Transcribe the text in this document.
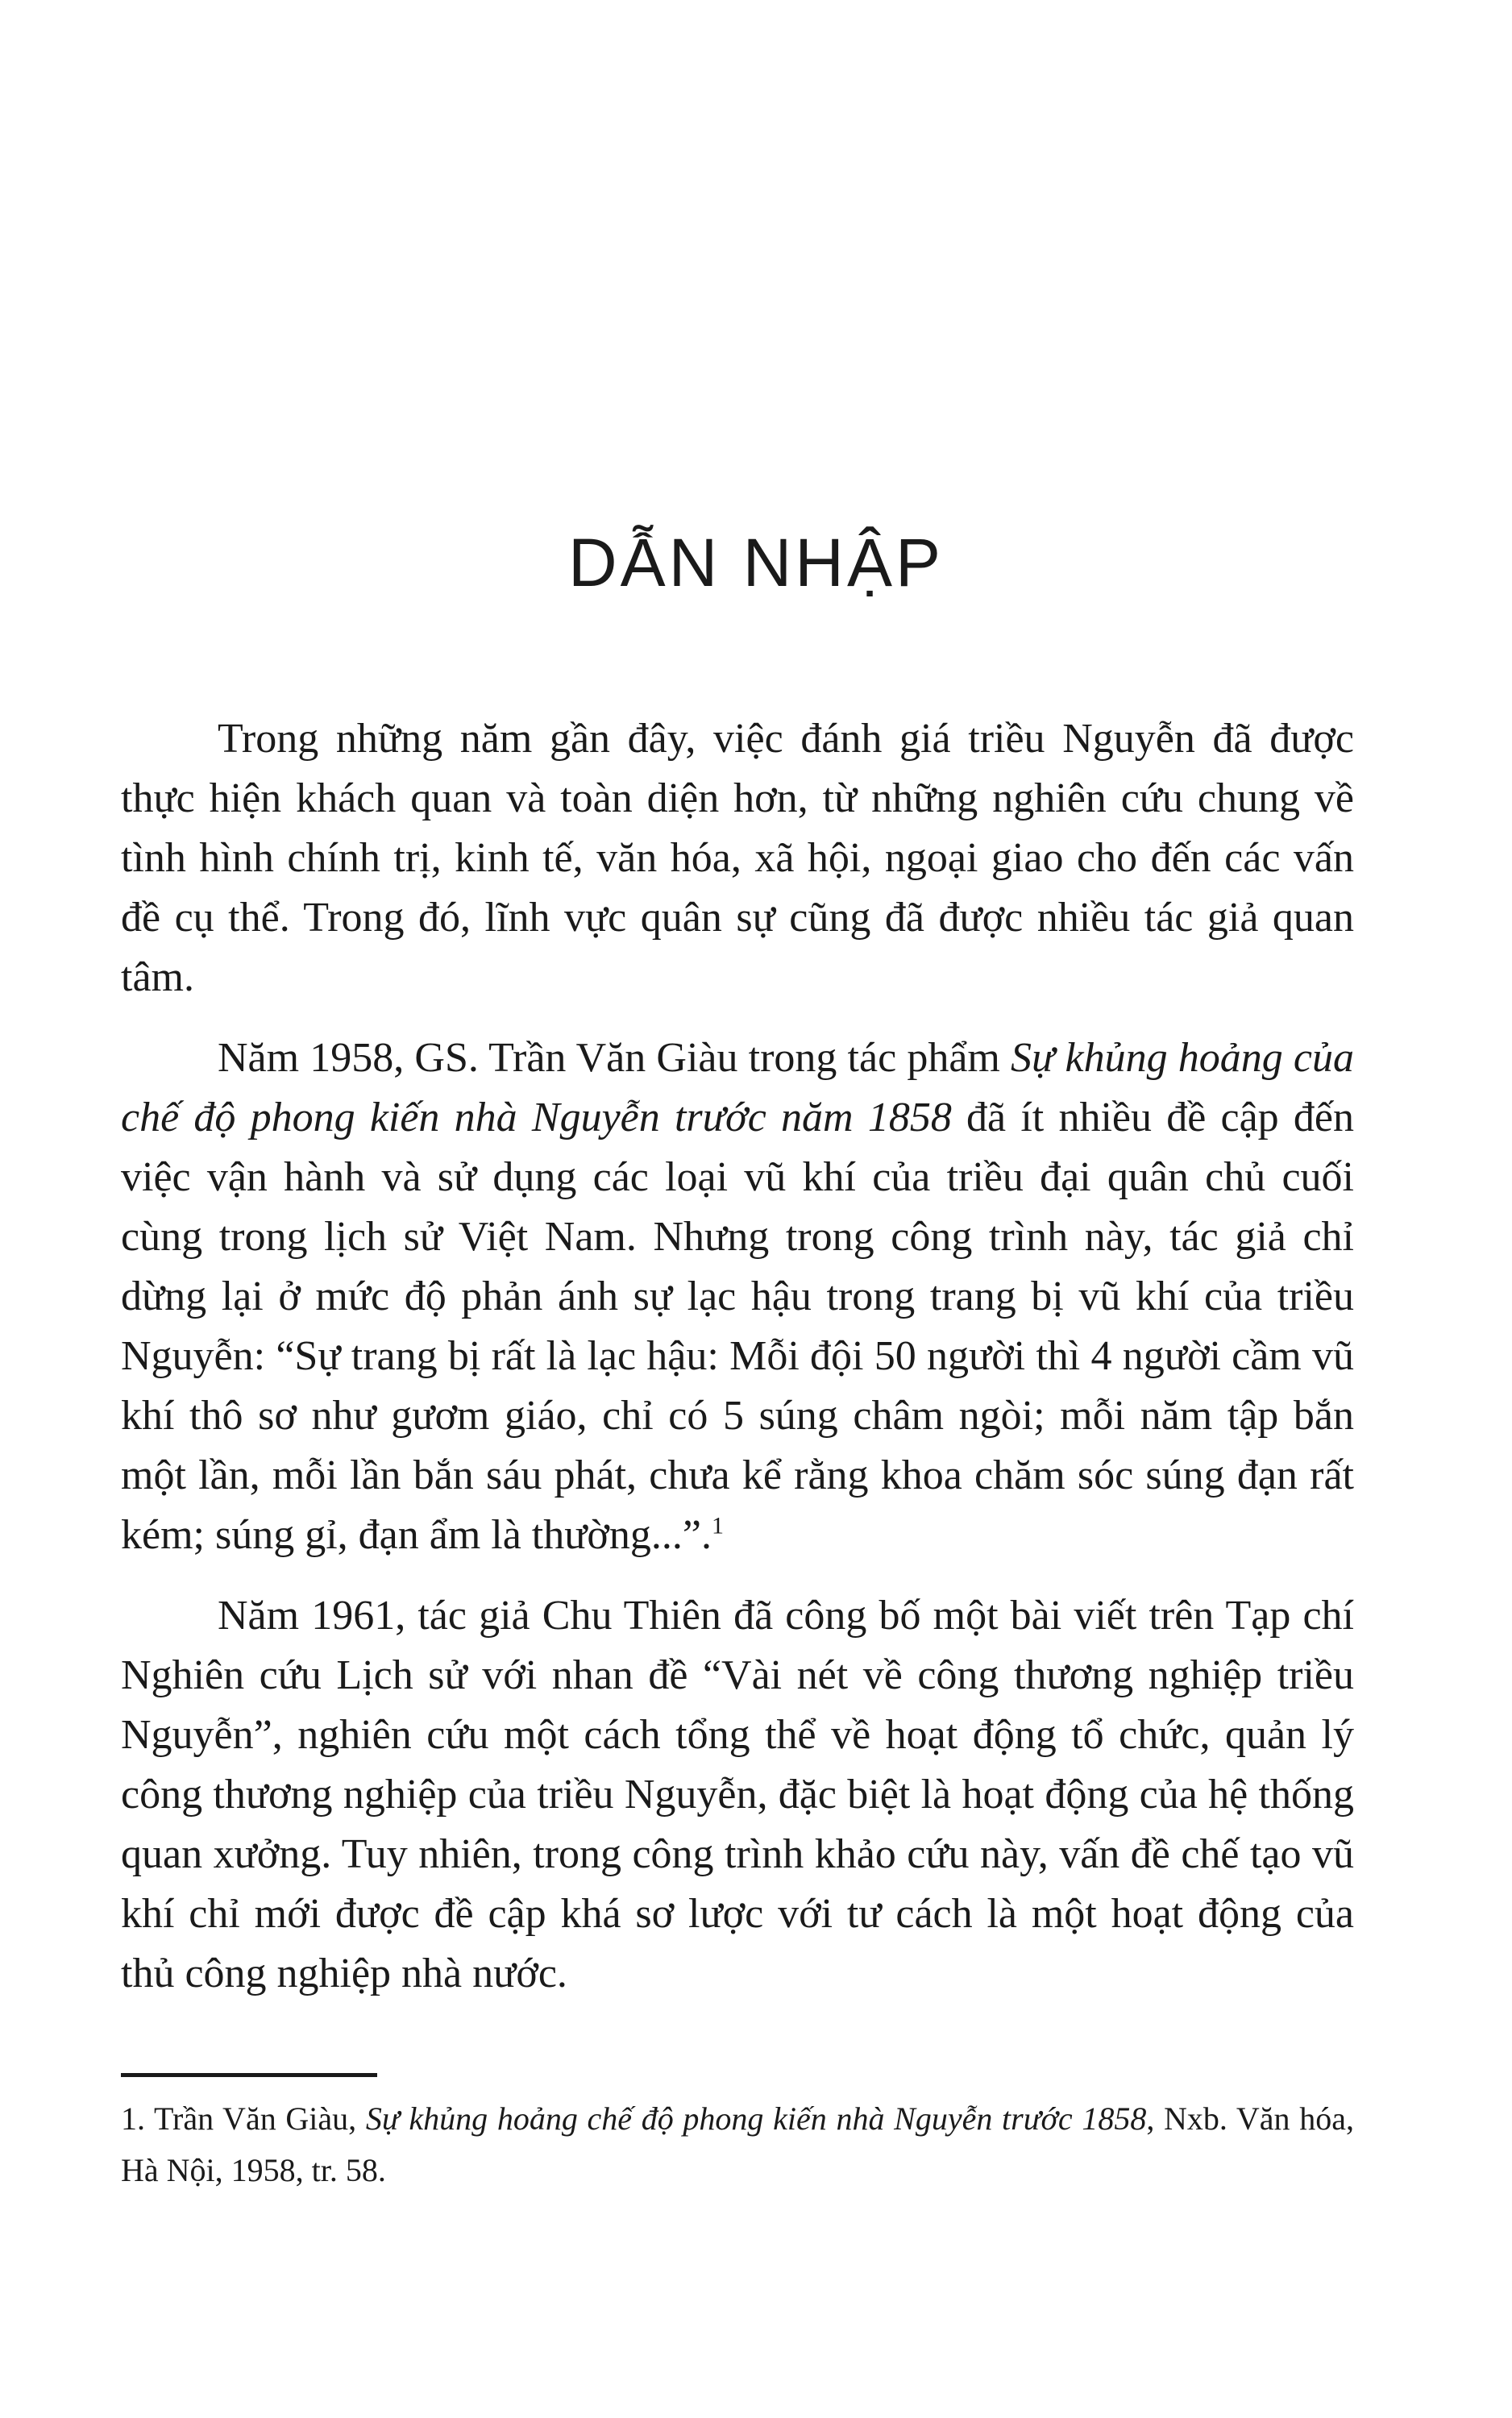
DẪN NHẬP

Trong những năm gần đây, việc đánh giá triều Nguyễn đã được thực hiện khách quan và toàn diện hơn, từ những nghiên cứu chung về tình hình chính trị, kinh tế, văn hóa, xã hội, ngoại giao cho đến các vấn đề cụ thể. Trong đó, lĩnh vực quân sự cũng đã được nhiều tác giả quan tâm.

Năm 1958, GS. Trần Văn Giàu trong tác phẩm Sự khủng hoảng của chế độ phong kiến nhà Nguyễn trước năm 1858 đã ít nhiều đề cập đến việc vận hành và sử dụng các loại vũ khí của triều đại quân chủ cuối cùng trong lịch sử Việt Nam. Nhưng trong công trình này, tác giả chỉ dừng lại ở mức độ phản ánh sự lạc hậu trong trang bị vũ khí của triều Nguyễn: “Sự trang bị rất là lạc hậu: Mỗi đội 50 người thì 4 người cầm vũ khí thô sơ như gươm giáo, chỉ có 5 súng châm ngòi; mỗi năm tập bắn một lần, mỗi lần bắn sáu phát, chưa kể rằng khoa chăm sóc súng đạn rất kém; súng gỉ, đạn ẩm là thường...”.$^1$

Năm 1961, tác giả Chu Thiên đã công bố một bài viết trên Tạp chí Nghiên cứu Lịch sử với nhan đề “Vài nét về công thương nghiệp triều Nguyễn”, nghiên cứu một cách tổng thể về hoạt động tổ chức, quản lý công thương nghiệp của triều Nguyễn, đặc biệt là hoạt động của hệ thống quan xưởng. Tuy nhiên, trong công trình khảo cứu này, vấn đề chế tạo vũ khí chỉ mới được đề cập khá sơ lược với tư cách là một hoạt động của thủ công nghiệp nhà nước.

1. Trần Văn Giàu, Sự khủng hoảng chế độ phong kiến nhà Nguyễn trước 1858, Nxb. Văn hóa, Hà Nội, 1958, tr. 58.
